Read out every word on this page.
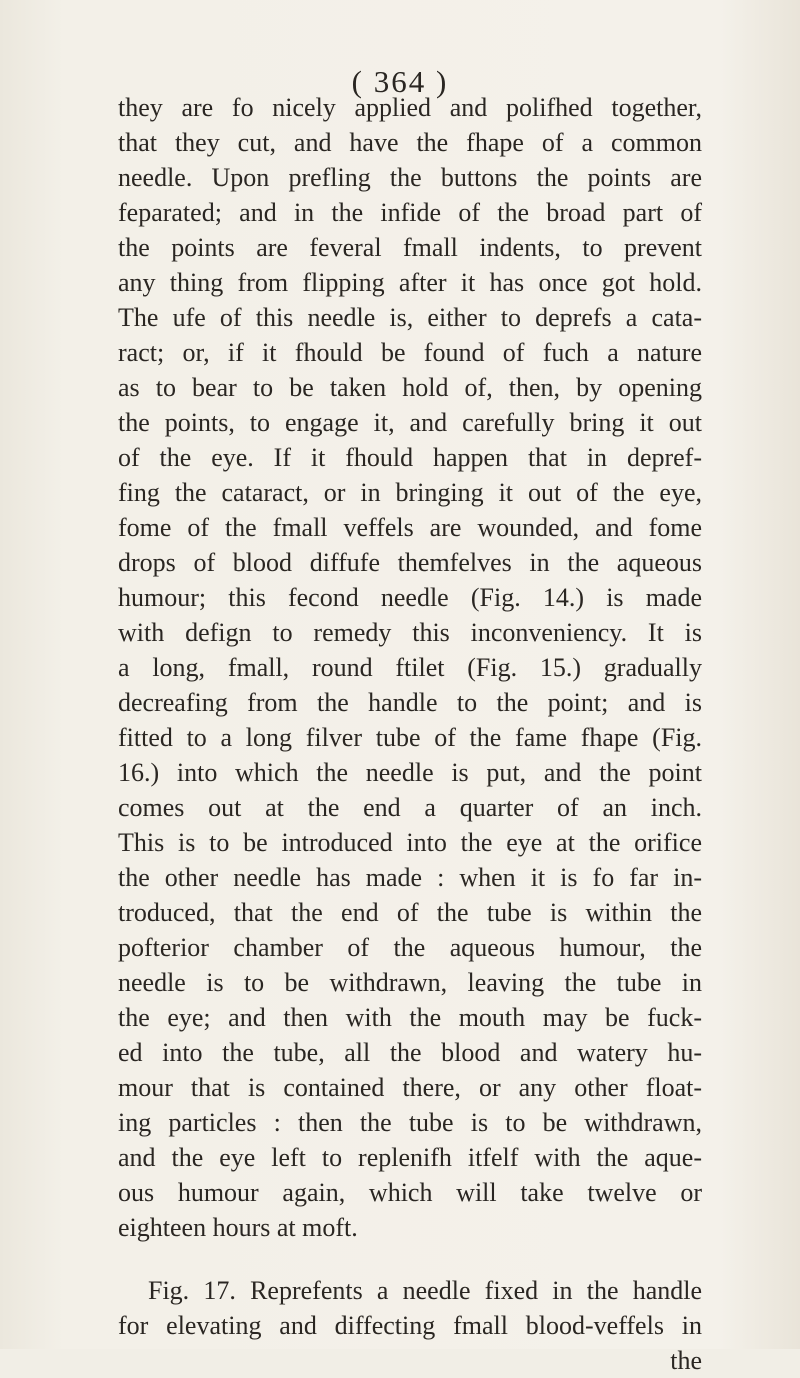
( 364 )
they are fo nicely applied and polifhed together,
that they cut, and have the fhape of a common
needle. Upon prefling the buttons the points are
feparated; and in the infide of the broad part of
the points are feveral fmall indents, to prevent
any thing from flipping after it has once got hold.
The ufe of this needle is, either to deprefs a cata-
ract; or, if it fhould be found of fuch a nature
as to bear to be taken hold of, then, by opening
the points, to engage it, and carefully bring it out
of the eye. If it fhould happen that in depref-
fing the cataract, or in bringing it out of the eye,
fome of the fmall veffels are wounded, and fome
drops of blood diffufe themfelves in the aqueous
humour; this fecond needle (Fig. 14.) is made
with defign to remedy this inconveniency. It is
a long, fmall, round ftilet (Fig. 15.) gradually
decreafing from the handle to the point; and is
fitted to a long filver tube of the fame fhape (Fig.
16.) into which the needle is put, and the point
comes out at the end a quarter of an inch.
This is to be introduced into the eye at the orifice
the other needle has made : when it is fo far in-
troduced, that the end of the tube is within the
pofterior chamber of the aqueous humour, the
needle is to be withdrawn, leaving the tube in
the eye; and then with the mouth may be fuck-
ed into the tube, all the blood and watery hu-
mour that is contained there, or any other float-
ing particles : then the tube is to be withdrawn,
and the eye left to replenifh itfelf with the aque-
ous humour again, which will take twelve or
eighteen hours at moft.
Fig. 17. Reprefents a needle fixed in the handle
for elevating and diffecting fmall blood-veffels in
the
